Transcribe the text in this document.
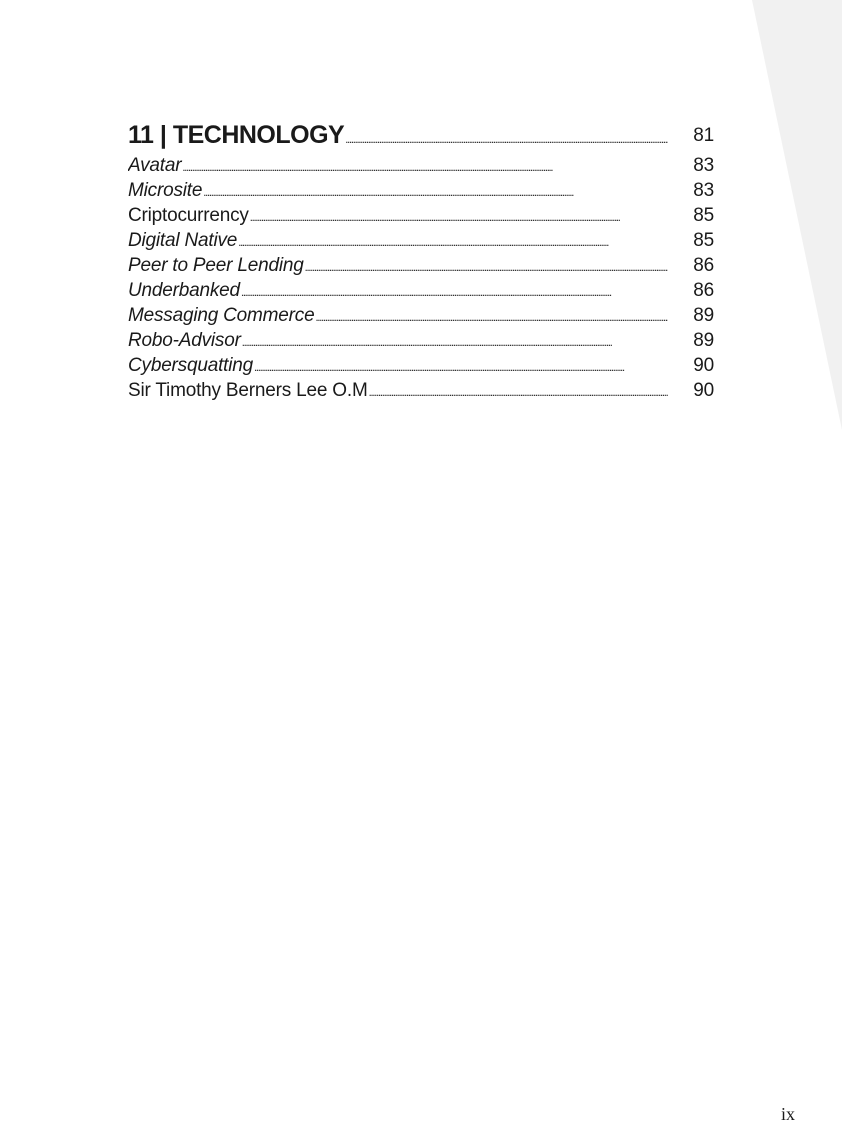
11 | TECHNOLOGY . . .	81
Avatar . . .	83
Microsite . . .	83
Criptocurrency . . .	85
Digital Native . . .	85
Peer to Peer Lending . . .	86
Underbanked . . .	86
Messaging Commerce . . .	89
Robo-Advisor . . .	89
Cybersquatting . . .	90
Sir Timothy Berners Lee O.M . . .	90
ix
